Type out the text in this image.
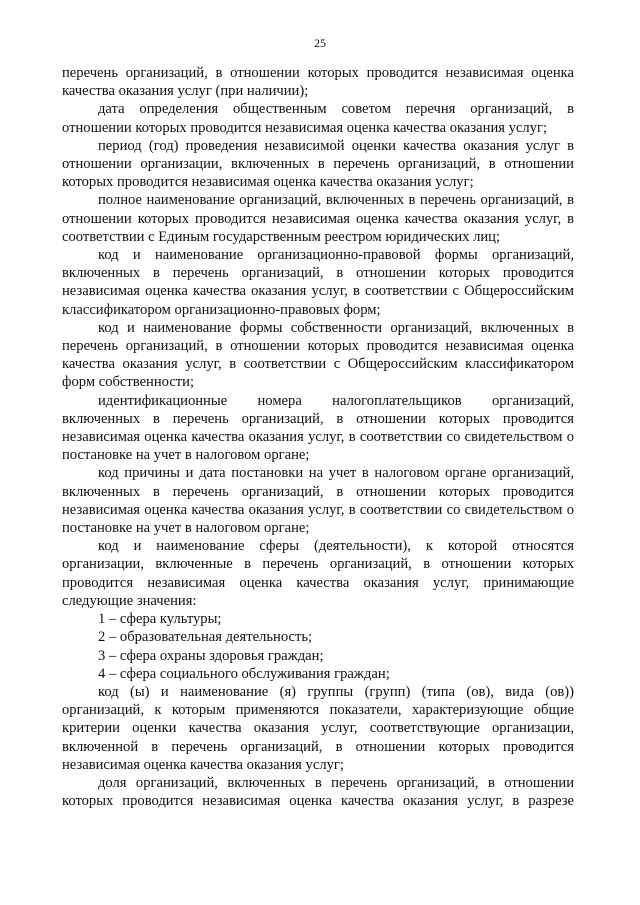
25

перечень организаций, в отношении которых проводится независимая оценка качества оказания услуг (при наличии);

дата определения общественным советом перечня организаций, в отношении которых проводится независимая оценка качества оказания услуг;

период (год) проведения независимой оценки качества оказания услуг в отношении организации, включенных в перечень организаций, в отношении которых проводится независимая оценка качества оказания услуг;

полное наименование организаций, включенных в перечень организаций, в отношении которых проводится независимая оценка качества оказания услуг, в соответствии с Единым государственным реестром юридических лиц;

код и наименование организационно-правовой формы организаций, включенных в перечень организаций, в отношении которых проводится независимая оценка качества оказания услуг, в соответствии с Общероссийским классификатором организационно-правовых форм;

код и наименование формы собственности организаций, включенных в перечень организаций, в отношении которых проводится независимая оценка качества оказания услуг, в соответствии с Общероссийским классификатором форм собственности;

идентификационные номера налогоплательщиков организаций, включенных в перечень организаций, в отношении которых проводится независимая оценка качества оказания услуг, в соответствии со свидетельством о постановке на учет в налоговом органе;

код причины и дата постановки на учет в налоговом органе организаций, включенных в перечень организаций, в отношении которых проводится независимая оценка качества оказания услуг, в соответствии со свидетельством о постановке на учет в налоговом органе;

код и наименование сферы (деятельности), к которой относятся организации, включенные в перечень организаций, в отношении которых проводится независимая оценка качества оказания услуг, принимающие следующие значения:

1 – сфера культуры;

2 – образовательная деятельность;

3 – сфера охраны здоровья граждан;

4 – сфера социального обслуживания граждан;

код (ы) и наименование (я) группы (групп) (типа (ов), вида (ов)) организаций, к которым применяются показатели, характеризующие общие критерии оценки качества оказания услуг, соответствующие организации, включенной в перечень организаций, в отношении которых проводится независимая оценка качества оказания услуг;

доля организаций, включенных в перечень организаций, в отношении которых проводится независимая оценка качества оказания услуг, в разрезе
